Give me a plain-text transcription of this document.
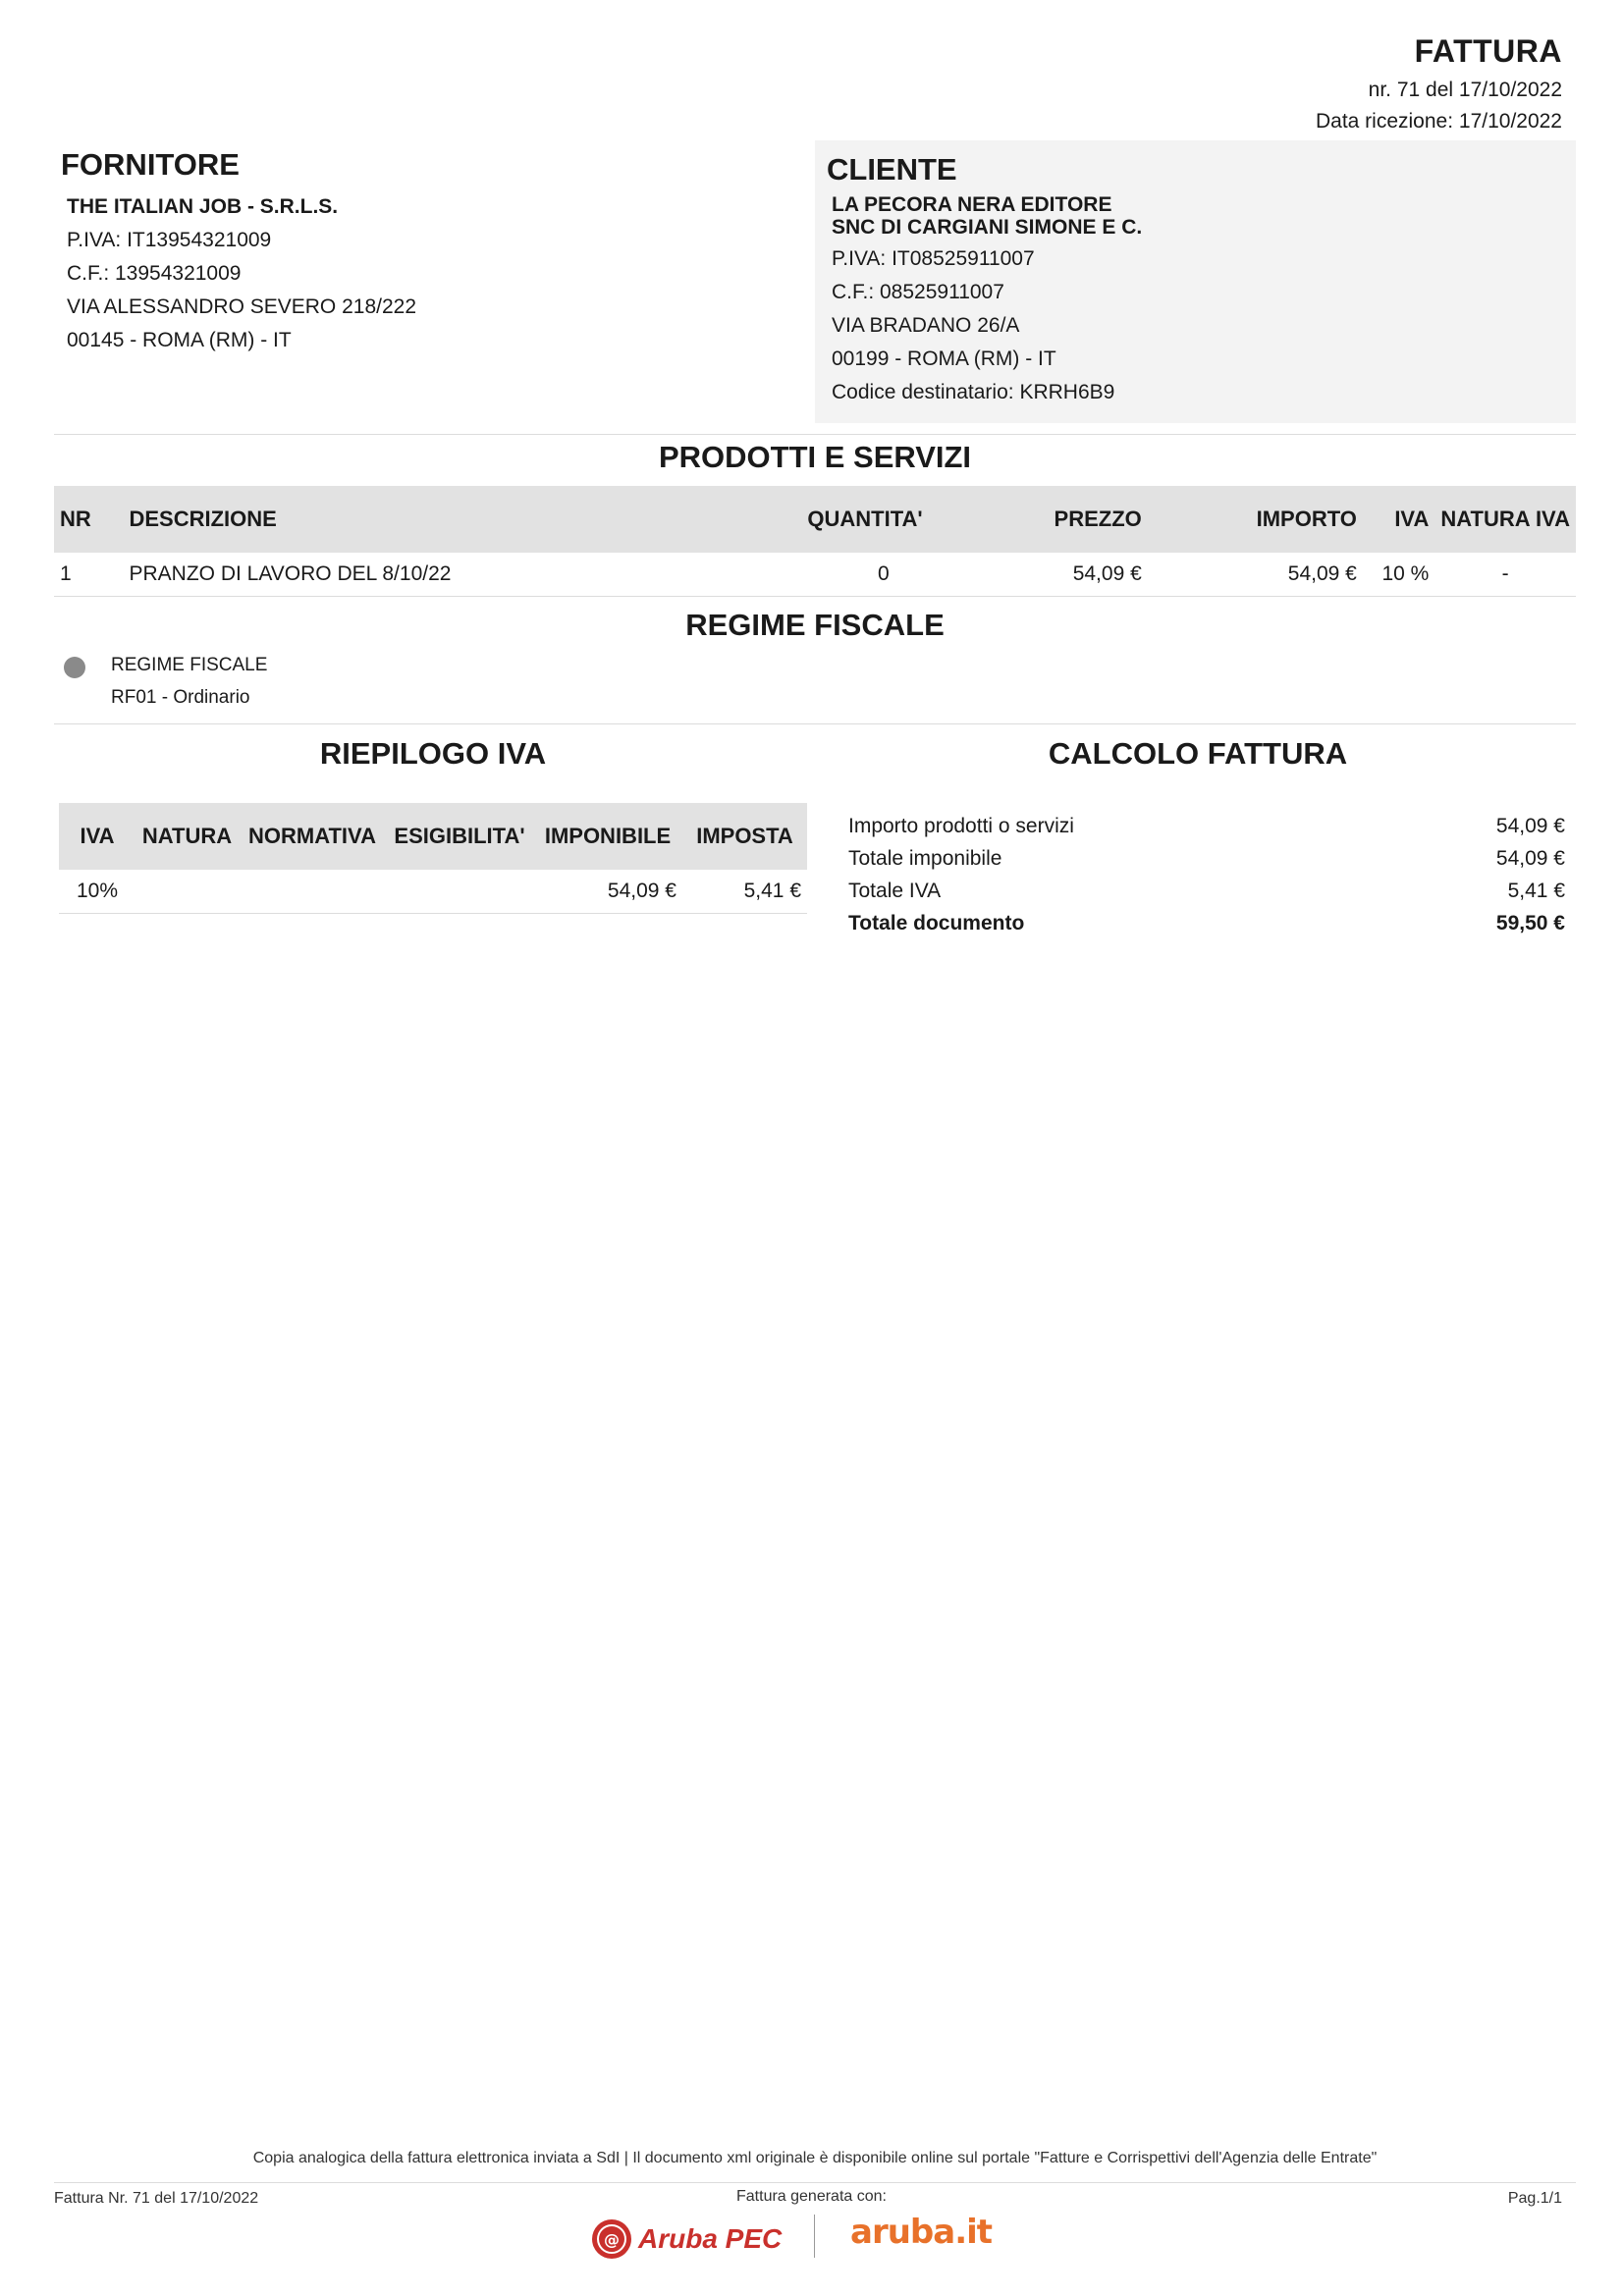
FATTURA
nr. 71 del 17/10/2022
Data ricezione: 17/10/2022
FORNITORE
THE ITALIAN JOB - S.R.L.S.
P.IVA: IT13954321009
C.F.: 13954321009
VIA ALESSANDRO SEVERO 218/222
00145 - ROMA (RM) - IT
CLIENTE
LA PECORA NERA EDITORE
SNC DI CARGIANI SIMONE E C.
P.IVA: IT08525911007
C.F.: 08525911007
VIA BRADANO 26/A
00199 - ROMA (RM) - IT
Codice destinatario: KRRH6B9
PRODOTTI E SERVIZI
NR	DESCRIZIONE	QUANTITA'	PREZZO	IMPORTO	IVA	NATURA IVA
1	PRANZO DI LAVORO DEL 8/10/22	0	54,09 €	54,09 €	10 %	-
REGIME FISCALE
REGIME FISCALE
RF01 - Ordinario
RIEPILOGO IVA
IVA	NATURA	NORMATIVA	ESIGIBILITA'	IMPONIBILE	IMPOSTA
10%				54,09 €	5,41 €
CALCOLO FATTURA
Importo prodotti o servizi	54,09 €
Totale imponibile	54,09 €
Totale IVA	5,41 €
Totale documento	59,50 €
Copia analogica della fattura elettronica inviata a SdI | Il documento xml originale è disponibile online sul portale "Fatture e Corrispettivi dell'Agenzia delle Entrate"
Fattura Nr. 71 del 17/10/2022	Fattura generata con:	Pag.1/1
@ Aruba PEC aruba.it
